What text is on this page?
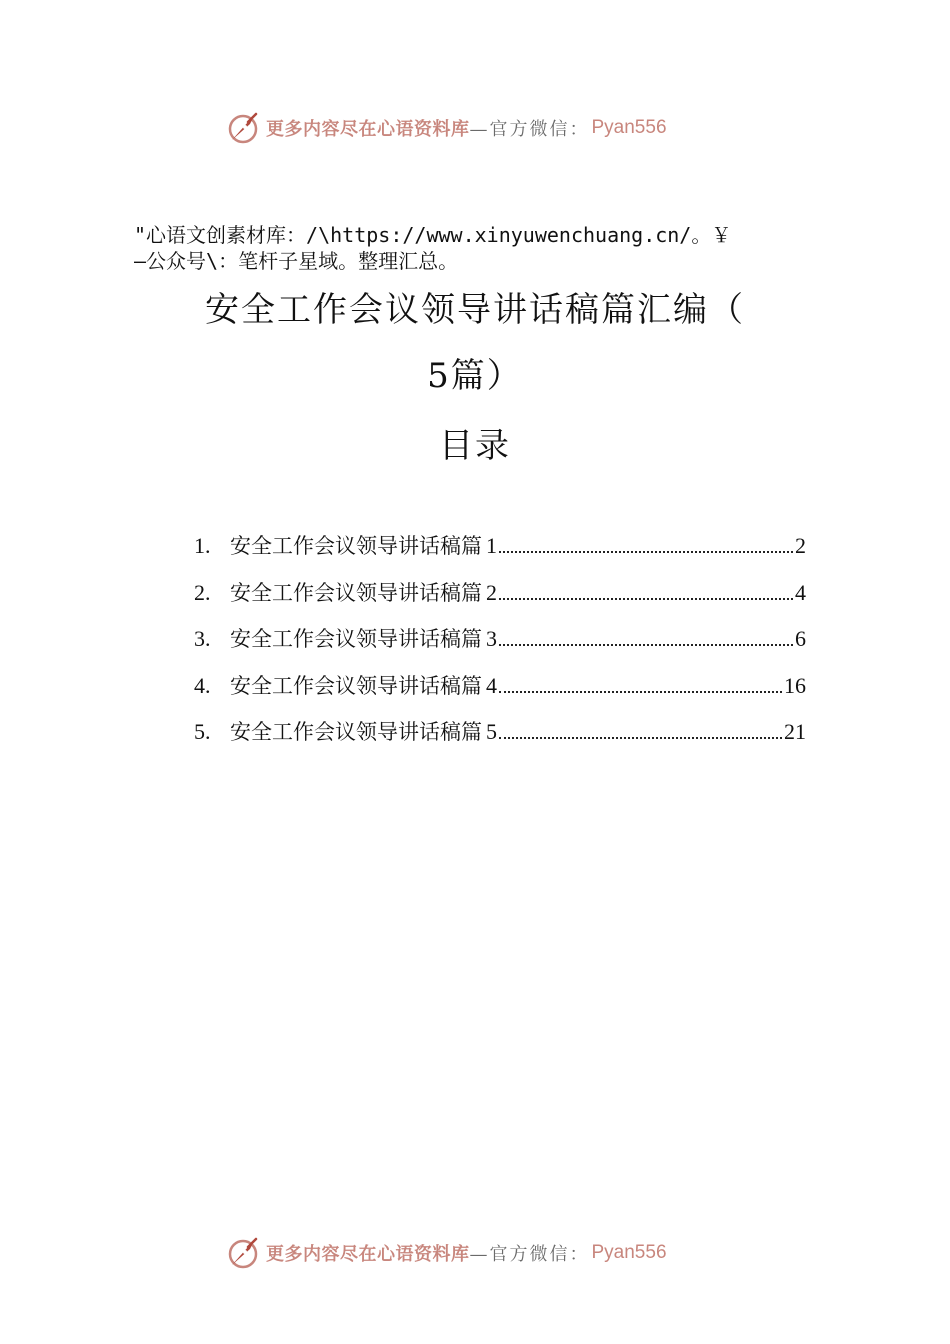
更多内容尽在心语资料库 —官方微信： Pyan556
"心语文创素材库：/\https://www.xinyuwenchuang.cn/。￥
—公众号\：笔杆子星域。整理汇总。
安全工作会议领导讲话稿篇汇编（
5篇）
目录
1. 安全工作会议领导讲话稿篇 1	2
2. 安全工作会议领导讲话稿篇 2	4
3. 安全工作会议领导讲话稿篇 3	6
4. 安全工作会议领导讲话稿篇 4	16
5. 安全工作会议领导讲话稿篇 5	21
更多内容尽在心语资料库 —官方微信： Pyan556
